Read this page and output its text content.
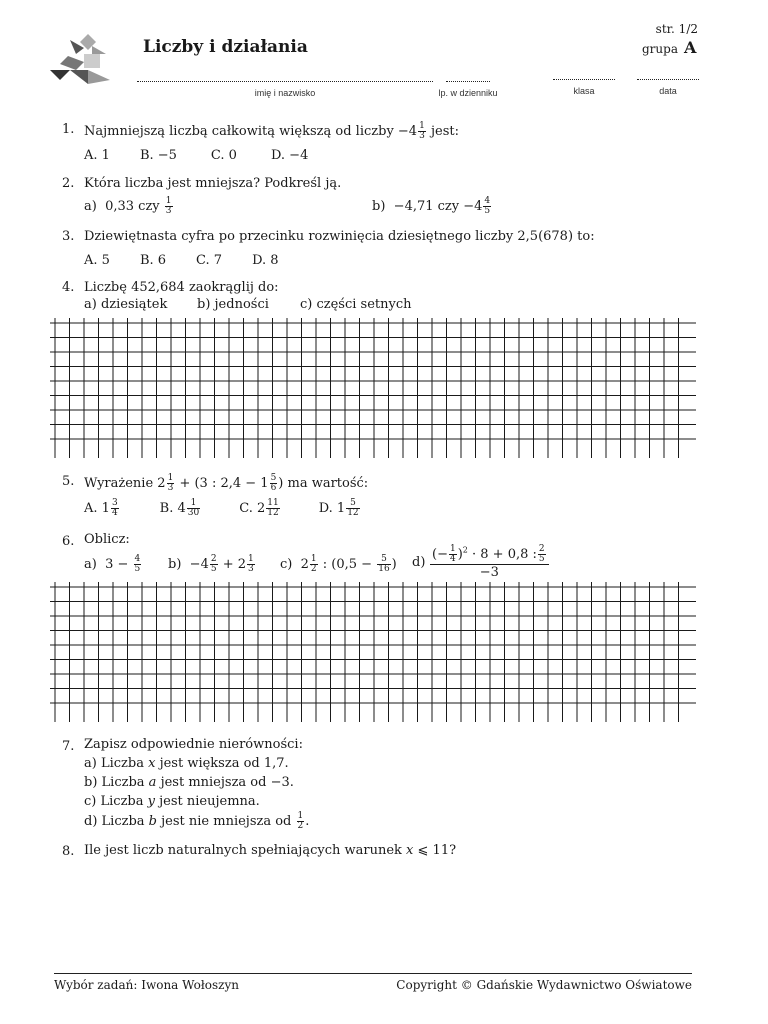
Liczby i działania
str. 1/2
grupa A
imię i nazwisko	lp. w dzienniku	klasa	data
1. Najmniejszą liczbą całkowitą większą od liczby $-4 \frac{1}{3}$ jest:
A. 1 B. −5	C. 0	D. −4
2. Która liczba jest mniejsza? Podkreśl ją.
a) 0,33 czy $\frac{1}{3}$	b) −4,71 czy $-4 \frac{4}{5}$
3. Dziewiętnasta cyfra po przecinku rozwinięcia dziesiętnego liczby 2,5(678) to:
A. 5 B. 6 C. 7 D. 8
4. Liczbę 452,684 zaokrąglij do:
a) dziesiątek b) jedności c) części setnych
5. Wyrażenie $2 \frac{1}{3} + (3$ : $2,4 - 1 \frac{5}{6}$ ) ma wartość:
A. $1 \frac{3}{4}$	B. $4 \frac{1}{30}$	C. $2 \frac{11}{12}$	D. $1 \frac{5}{12}$
6. Oblicz:
a) $3 - \frac{4}{5} b) -4 \frac{2}{5} + 2 \frac{1}{3} c$) $2 \frac{1}{2}$ : ($0,5 - \frac{5}{16}$ ) d)
(− $\frac{1}{4} )^2 \cdot 8 + 0,8$ : $\frac{2}{5}$
−3
7. Zapisz odpowiednie nierówności:
a) Liczba x jest większa od 1,7.
b) Liczba a jest mniejsza od −3.
c) Liczba y jest nieujemna.
d) Liczba b jest nie mniejsza od $\frac{1}{2}$ .
8. Ile jest liczb naturalnych spełniających warunek x ⩽ 11?
Wybór zadań: Iwona Wołoszyn	Copyright © Gdańskie Wydawnictwo Oświatowe
